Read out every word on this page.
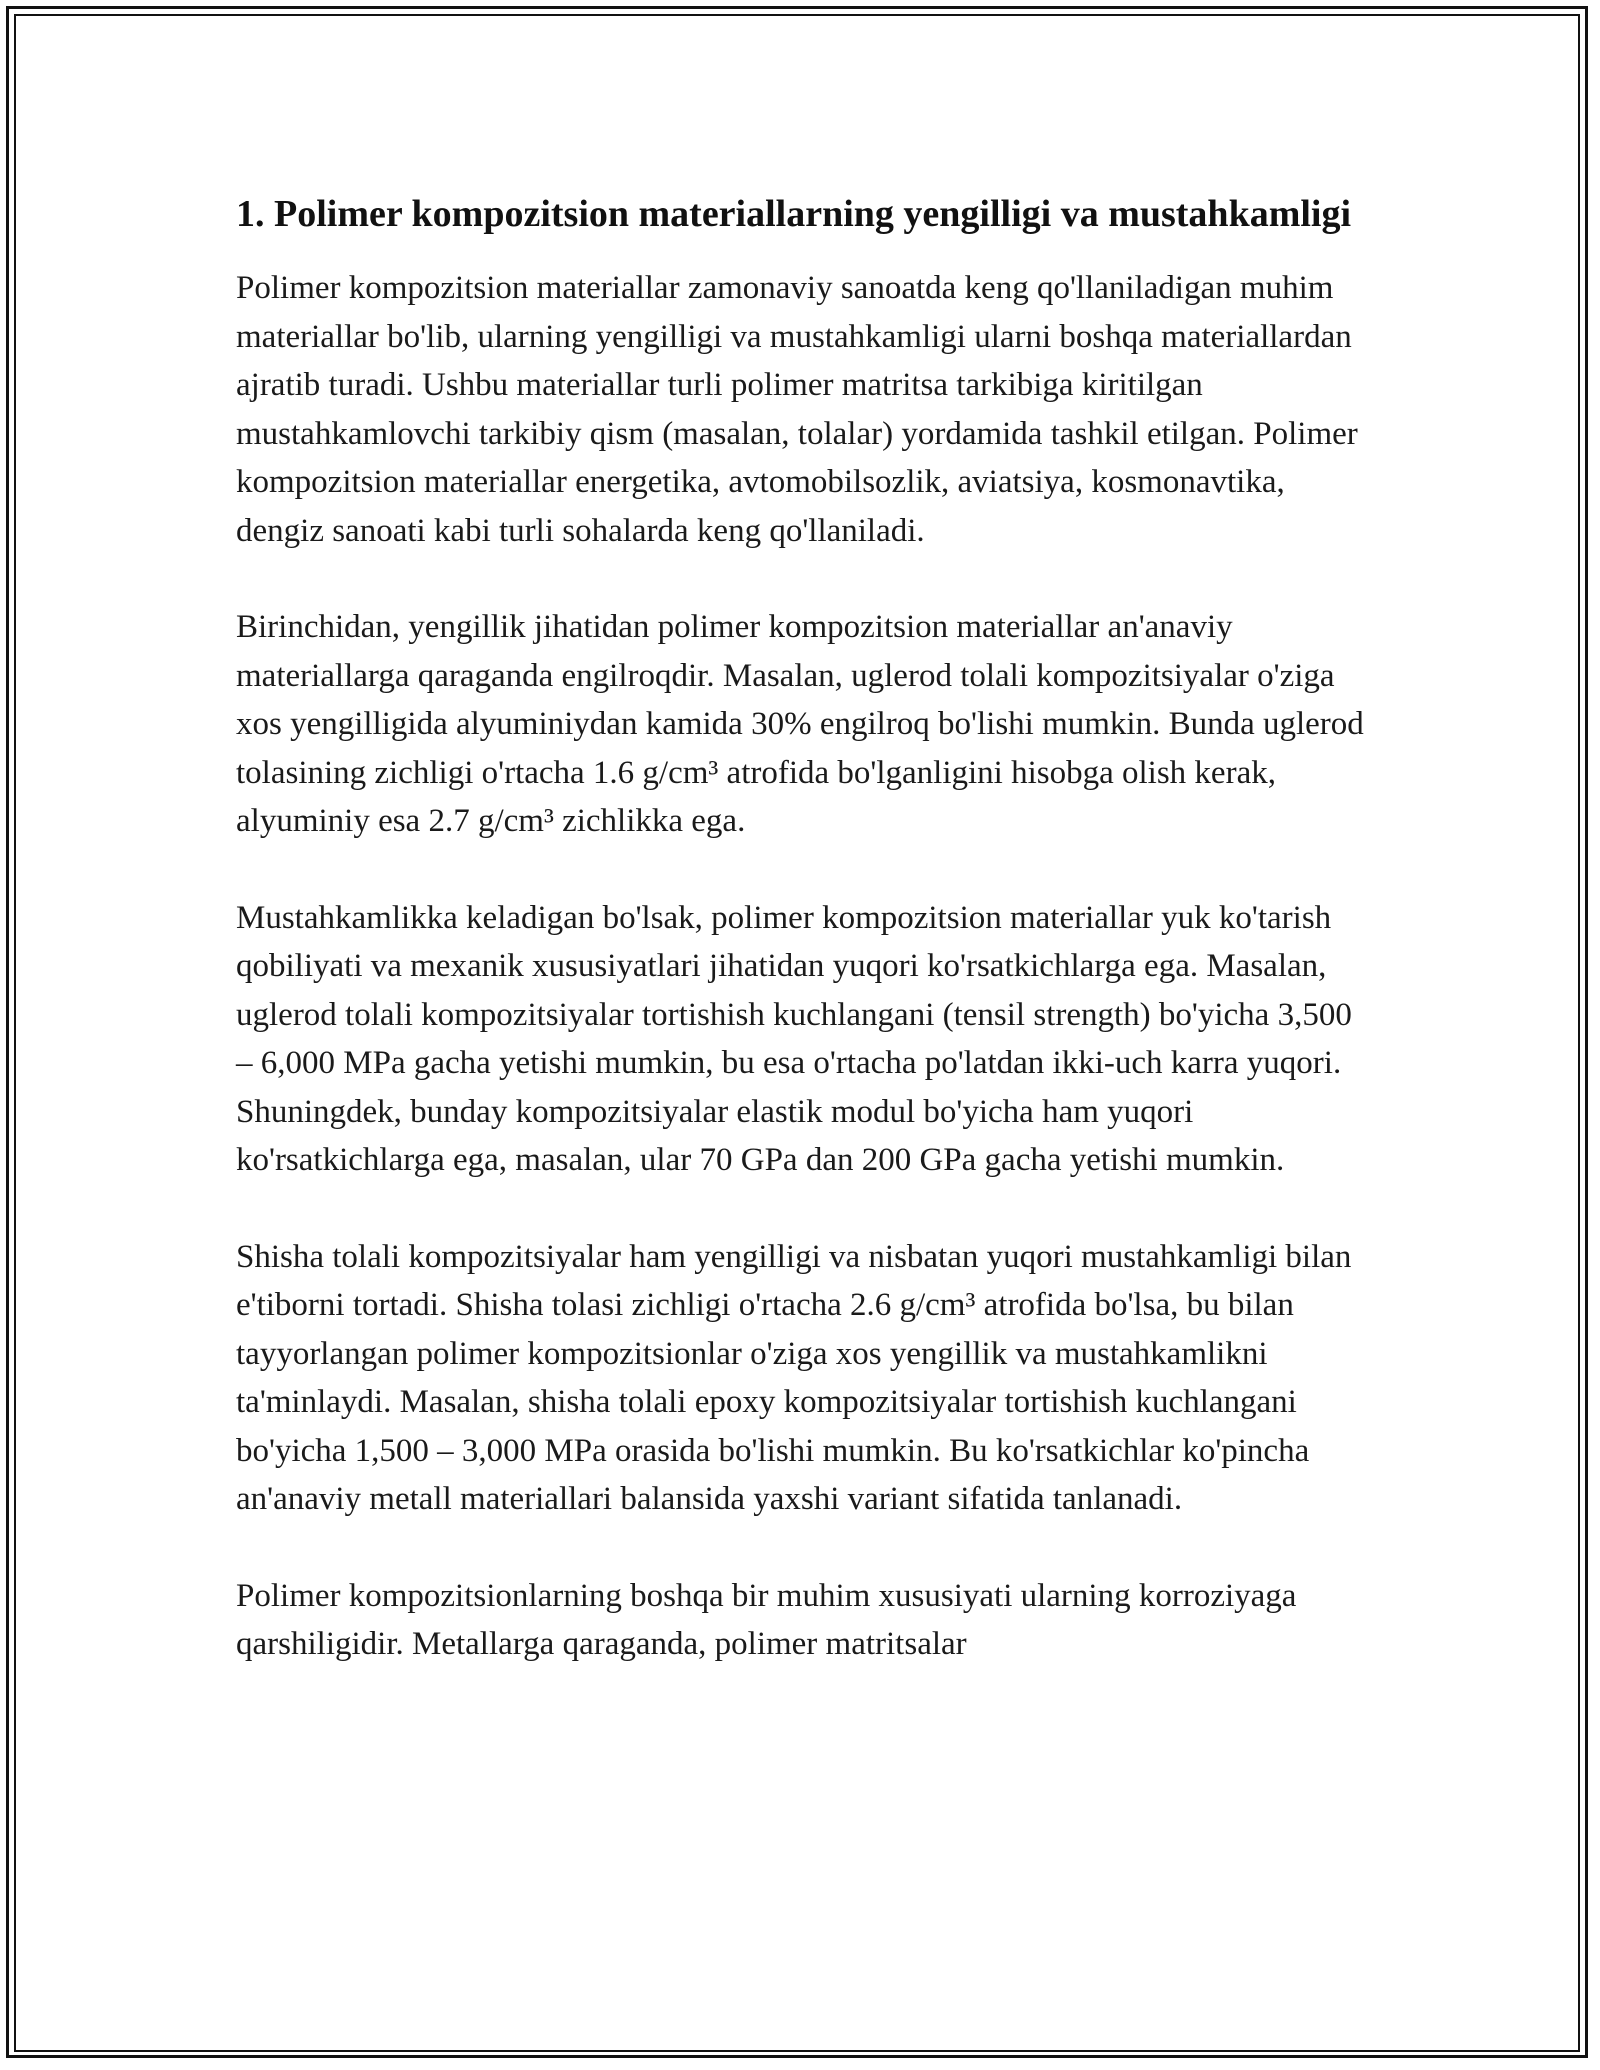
1. Polimer kompozitsion materiallarning yengilligi va mustahkamligi

Polimer kompozitsion materiallar zamonaviy sanoatda keng qo'llaniladigan muhim materiallar bo'lib, ularning yengilligi va mustahkamligi ularni boshqa materiallardan ajratib turadi. Ushbu materiallar turli polimer matritsa tarkibiga kiritilgan mustahkamlovchi tarkibiy qism (masalan, tolalar) yordamida tashkil etilgan. Polimer kompozitsion materiallar energetika, avtomobilsozlik, aviatsiya, kosmonavtika, dengiz sanoati kabi turli sohalarda keng qo'llaniladi.

Birinchidan, yengillik jihatidan polimer kompozitsion materiallar an'anaviy materiallarga qaraganda engilroqdir. Masalan, uglerod tolali kompozitsiyalar o'ziga xos yengilligida alyuminiydan kamida 30% engilroq bo'lishi mumkin. Bunda uglerod tolasining zichligi o'rtacha 1.6 g/cm³ atrofida bo'lganligini hisobga olish kerak, alyuminiy esa 2.7 g/cm³ zichlikka ega.

Mustahkamlikka keladigan bo'lsak, polimer kompozitsion materiallar yuk ko'tarish qobiliyati va mexanik xususiyatlari jihatidan yuqori ko'rsatkichlarga ega. Masalan, uglerod tolali kompozitsiyalar tortishish kuchlangani (tensil strength) bo'yicha 3,500 – 6,000 MPa gacha yetishi mumkin, bu esa o'rtacha po'latdan ikki-uch karra yuqori. Shuningdek, bunday kompozitsiyalar elastik modul bo'yicha ham yuqori ko'rsatkichlarga ega, masalan, ular 70 GPa dan 200 GPa gacha yetishi mumkin.

Shisha tolali kompozitsiyalar ham yengilligi va nisbatan yuqori mustahkamligi bilan e'tiborni tortadi. Shisha tolasi zichligi o'rtacha 2.6 g/cm³ atrofida bo'lsa, bu bilan tayyorlangan polimer kompozitsionlar o'ziga xos yengillik va mustahkamlikni ta'minlaydi. Masalan, shisha tolali epoxy kompozitsiyalar tortishish kuchlangani bo'yicha 1,500 – 3,000 MPa orasida bo'lishi mumkin. Bu ko'rsatkichlar ko'pincha an'anaviy metall materiallari balansida yaxshi variant sifatida tanlanadi.

Polimer kompozitsionlarning boshqa bir muhim xususiyati ularning korroziyaga qarshiligidir. Metallarga qaraganda, polimer matritsalar
